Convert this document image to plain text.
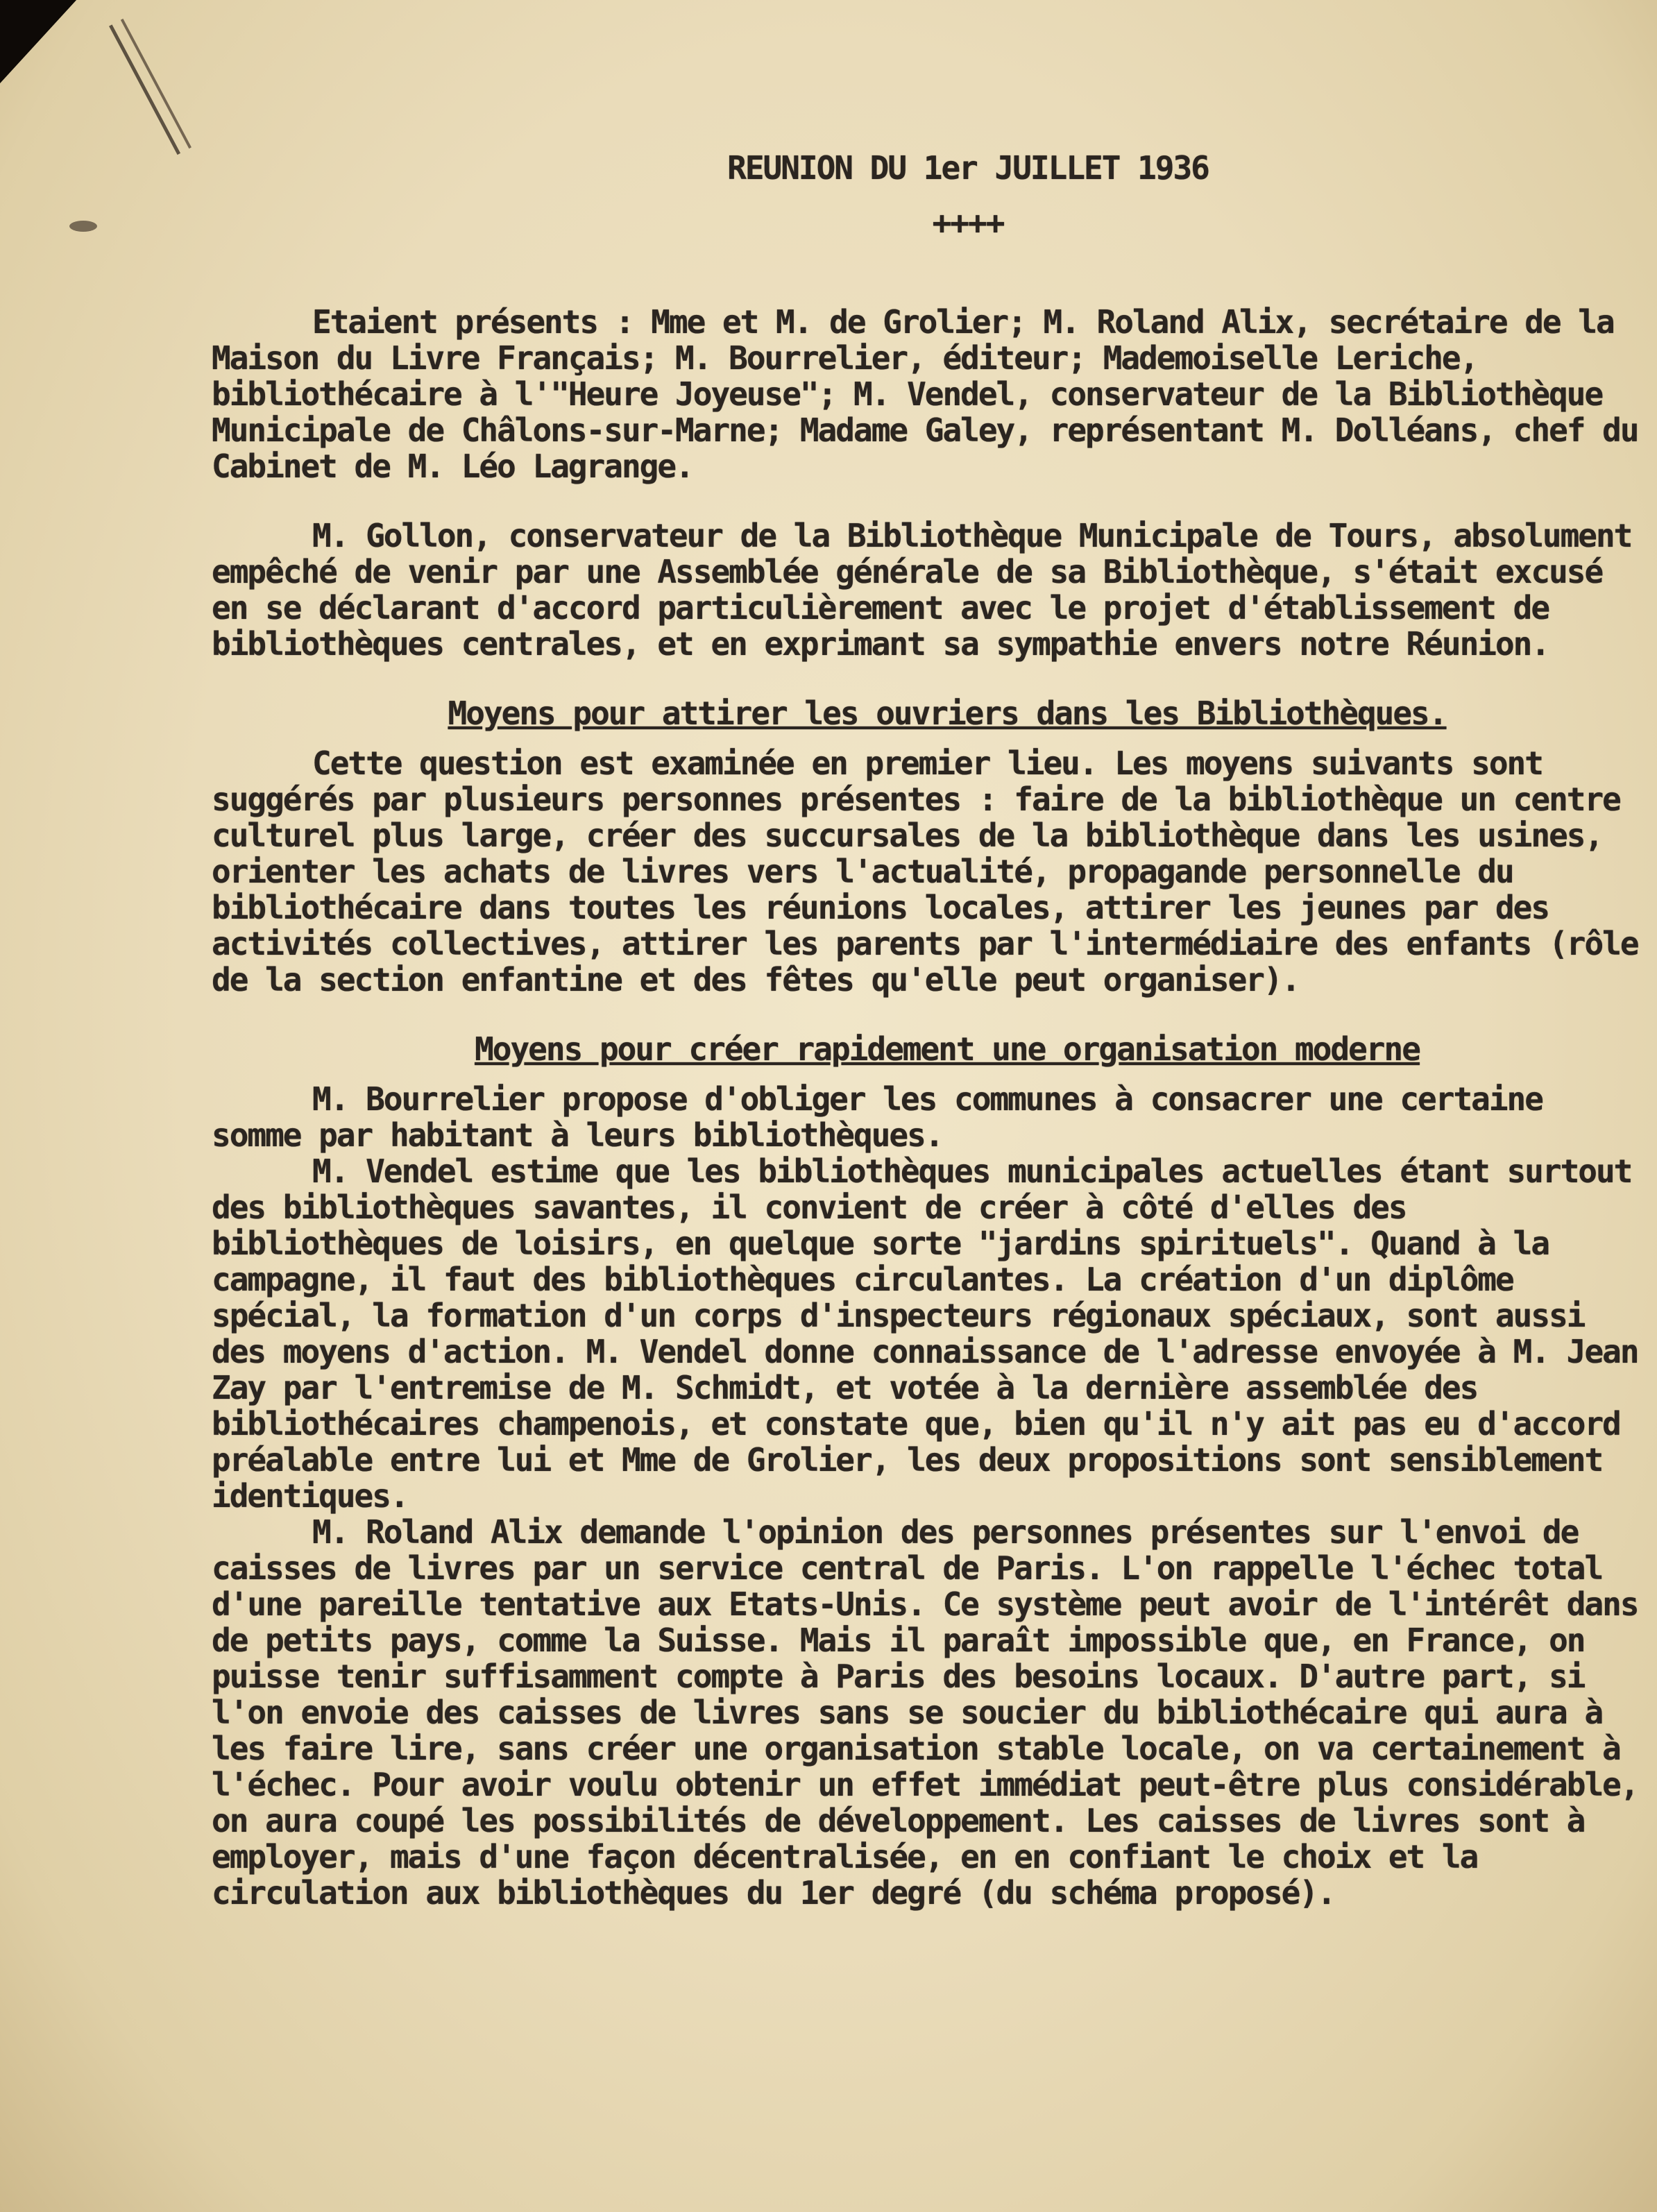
REUNION DU 1er JUILLET 1936
++++
Etaient présents : Mme et M. de Grolier; M. Roland Alix, secrétaire de la Maison du Livre Français; M. Bourrelier, éditeur; Mademoiselle Leriche, bibliothécaire à l'"Heure Joyeuse"; M. Vendel, conservateur de la Bibliothèque Municipale de Châlons-sur-Marne; Madame Galey, représentant M. Dolléans, chef du Cabinet de M. Léo Lagrange.
M. Gollon, conservateur de la Bibliothèque Municipale de Tours, absolument empêché de venir par une Assemblée générale de sa Bibliothèque, s'était excusé en se déclarant d'accord particulièrement avec le projet d'établissement de bibliothèques centrales, et en exprimant sa sympathie envers notre Réunion.
Moyens pour attirer les ouvriers dans les Bibliothèques.
Cette question est examinée en premier lieu. Les moyens suivants sont suggérés par plusieurs personnes présentes : faire de la bibliothèque un centre culturel plus large, créer des succursales de la bibliothèque dans les usines, orienter les achats de livres vers l'actualité, propagande personnelle du bibliothécaire dans toutes les réunions locales, attirer les jeunes par des activités collectives, attirer les parents par l'intermédiaire des enfants (rôle de la section enfantine et des fêtes qu'elle peut organiser).
Moyens pour créer rapidement une organisation moderne
M. Bourrelier propose d'obliger les communes à consacrer une certaine somme par habitant à leurs bibliothèques.
M. Vendel estime que les bibliothèques municipales actuelles étant surtout des bibliothèques savantes, il convient de créer à côté d'elles des bibliothèques de loisirs, en quelque sorte "jardins spirituels". Quand à la campagne, il faut des bibliothèques circulantes. La création d'un diplôme spécial, la formation d'un corps d'inspecteurs régionaux spéciaux, sont aussi des moyens d'action. M. Vendel donne connaissance de l'adresse envoyée à M. Jean Zay par l'entremise de M. Schmidt, et votée à la dernière assemblée des bibliothécaires champenois, et constate que, bien qu'il n'y ait pas eu d'accord préalable entre lui et Mme de Grolier, les deux propositions sont sensiblement identiques.
M. Roland Alix demande l'opinion des personnes présentes sur l'envoi de caisses de livres par un service central de Paris. L'on rappelle l'échec total d'une pareille tentative aux Etats-Unis. Ce système peut avoir de l'intérêt dans de petits pays, comme la Suisse. Mais il paraît impossible que, en France, on puisse tenir suffisamment compte à Paris des besoins locaux. D'autre part, si l'on envoie des caisses de livres sans se soucier du bibliothécaire qui aura à les faire lire, sans créer une organisation stable locale, on va certainement à l'échec. Pour avoir voulu obtenir un effet immédiat peut-être plus considérable, on aura coupé les possibilités de développement. Les caisses de livres sont à employer, mais d'une façon décentralisée, en en confiant le choix et la circulation aux bibliothèques du 1er degré (du schéma proposé).
